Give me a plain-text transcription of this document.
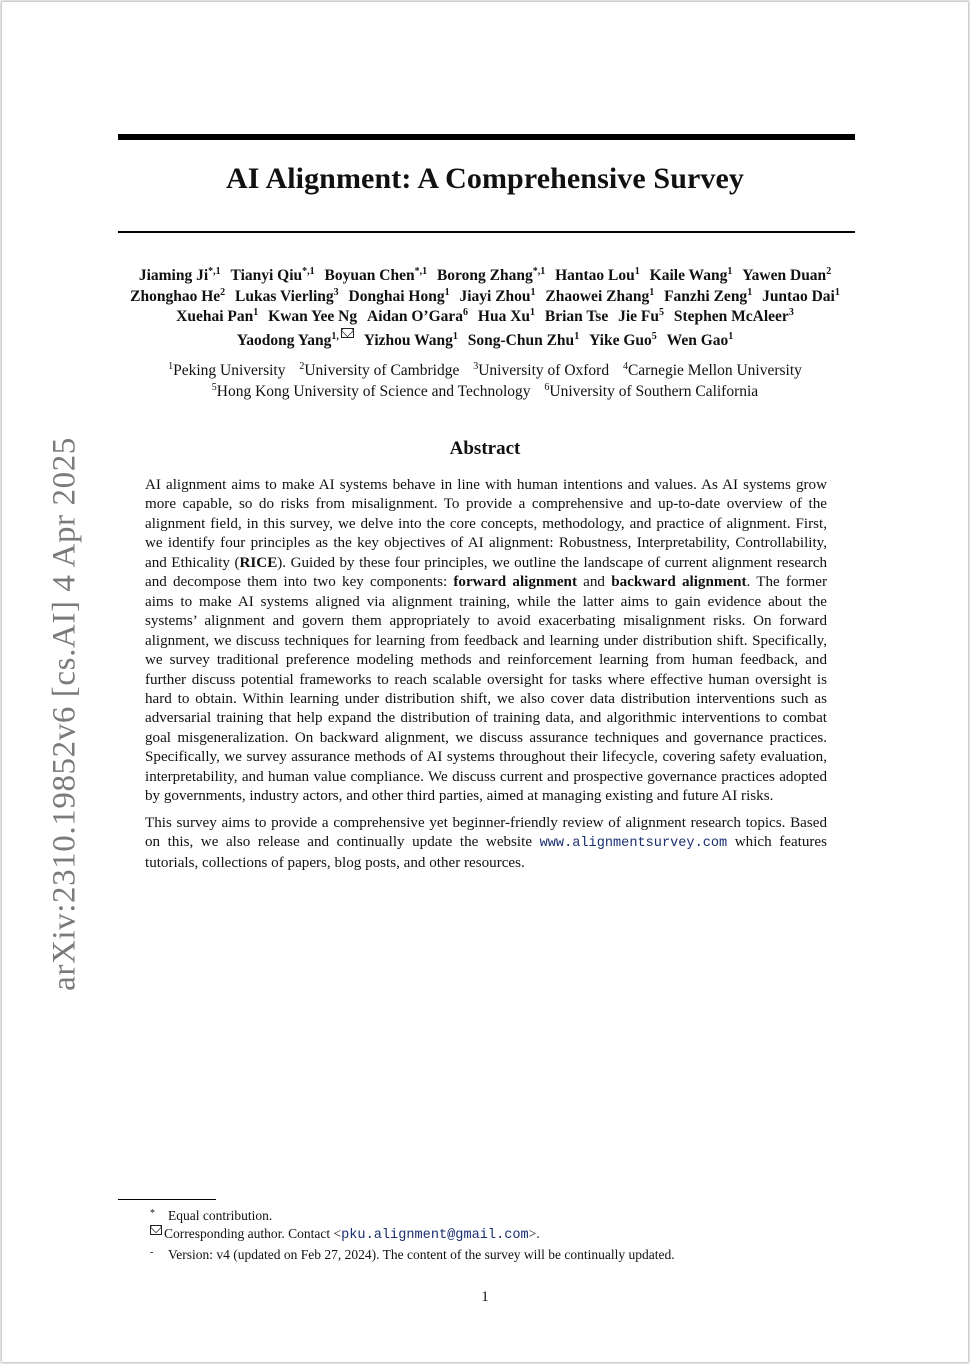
arXiv:2310.19852v6 [cs.AI] 4 Apr 2025
AI Alignment: A Comprehensive Survey
Jiaming $Ji^{*,1}$ Tianyi Qiu$^{*,1}$ Boyuan Chen$^{*,1}$ Borong Zhang$^{*,1}$ Hantao Lou$^1$ Kaile Wang$^1$ Yawen Duan$^2$
Zhonghao He$^2$ Lukas Vierling$^3$ Donghai Hong$^1$ Jiayi Zhou$^1$ Zhaowei Zhang$^1$ Fanzhi Zeng$^1$ Juntao Dai$^1$
Xuehai Pan$^1$ Kwan Yee Ng Aidan O’Gara$^6$ Hua Xu$^1$ Brian Tse Jie Fu$^5$ Stephen McAleer$^3$
Yaodong Yang$^{1,}$ Yizhou Wang$^1$ Song-Chun Zhu$^1$ Yike Guo$^5$ Wen Gao$^1$
$^1$Peking University $^2$University of Cambridge $^3$University of Oxford $^4$Carnegie Mellon University
$^5$Hong Kong University of Science and Technology $^6$University of Southern California
Abstract

AI alignment aims to make AI systems behave in line with human intentions and values. As AI systems grow more capable, so do risks from misalignment. To provide a comprehensive and up-to-date overview of the alignment field, in this survey, we delve into the core concepts, methodology, and practice of alignment. First, we identify four principles as the key objectives of AI alignment: Robustness, Interpretability, Controllability, and Ethicality (RICE). Guided by these four principles, we outline the landscape of current alignment research and decompose them into two key components: forward alignment and backward alignment. The former aims to make AI systems aligned via alignment training, while the latter aims to gain evidence about the systems’ alignment and govern them appropriately to avoid exacerbating misalignment risks. On forward alignment, we discuss techniques for learning from feedback and learning under distribution shift. Specifically, we survey traditional preference modeling methods and reinforcement learning from human feedback, and further discuss potential frameworks to reach scalable oversight for tasks where effective human oversight is hard to obtain. Within learning under distribution shift, we also cover data distribution interventions such as adversarial training that help expand the distribution of training data, and algorithmic interventions to combat goal misgeneralization. On backward alignment, we discuss assurance techniques and governance practices. Specifically, we survey assurance methods of AI systems throughout their lifecycle, covering safety evaluation, interpretability, and human value compliance. We discuss current and prospective governance practices adopted by governments, industry actors, and other third parties, aimed at managing existing and future AI risks.

This survey aims to provide a comprehensive yet beginner-friendly review of alignment research topics. Based on this, we also release and continually update the website www.alignmentsurvey.com which features tutorials, collections of papers, blog posts, and other resources.

* Equal contribution.
Corresponding author. Contact <pku.alignment@gmail.com>.
- Version: v4 (updated on Feb 27, 2024). The content of the survey will be continually updated.
1
